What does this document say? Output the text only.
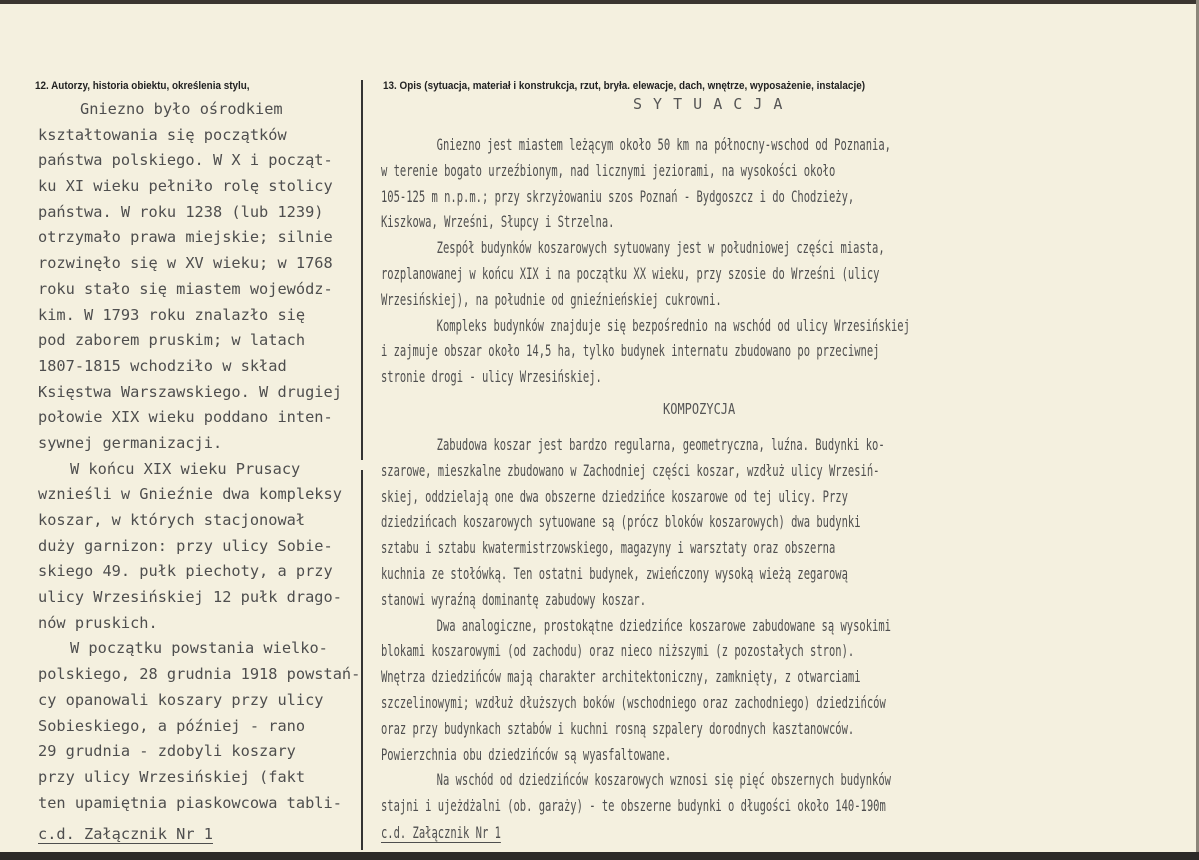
12. Autorzy, historia obiektu, określenia stylu,	13. Opis (sytuacja, materiał i konstrukcja, rzut, bryła. elewacje, dach, wnętrze, wyposażenie, instalacje)
Gniezno było ośrodkiem
kształtowania się początków
państwa polskiego. W X i począt-
ku XI wieku pełniło rolę stolicy
państwa. W roku 1238 (lub 1239)
otrzymało prawa miejskie; silnie
rozwinęło się w XV wieku; w 1768
roku stało się miastem wojewódz-
kim. W 1793 roku znalazło się
pod zaborem pruskim; w latach
1807-1815 wchodziło w skład
Księstwa Warszawskiego. W drugiej
połowie XIX wieku poddano inten-
sywnej germanizacji.
W końcu XIX wieku Prusacy
wznieśli w Gnieźnie dwa kompleksy
koszar, w których stacjonował
duży garnizon: przy ulicy Sobie-
skiego 49. pułk piechoty, a przy
ulicy Wrzesińskiej 12 pułk drago-
nów pruskich.
W początku powstania wielko-
polskiego, 28 grudnia 1918 powstań-
cy opanowali koszary przy ulicy
Sobieskiego, a później - rano
29 grudnia - zdobyli koszary
przy ulicy Wrzesińskiej (fakt
ten upamiętnia piaskowcowa tabli-
c.d. Załącznik Nr 1
S Y T U A C J A
Gniezno jest miastem leżącym około 50 km na północny-wschod od Poznania,
w terenie bogato urzeźbionym, nad licznymi jeziorami, na wysokości około
105-125 m n.p.m.; przy skrzyżowaniu szos Poznań - Bydgoszcz i do Chodzieży,
Kiszkowa, Wrześni, Słupcy i Strzelna.
Zespół budynków koszarowych sytuowany jest w południowej części miasta,
rozplanowanej w końcu XIX i na początku XX wieku, przy szosie do Wrześni (ulicy
Wrzesińskiej), na południe od gnieźnieńskiej cukrowni.
Kompleks budynków znajduje się bezpośrednio na wschód od ulicy Wrzesińskiej
i zajmuje obszar około 14,5 ha, tylko budynek internatu zbudowano po przeciwnej
stronie drogi - ulicy Wrzesińskiej.
KOMPOZYCJA
Zabudowa koszar jest bardzo regularna, geometryczna, luźna. Budynki ko-
szarowe, mieszkalne zbudowano w Zachodniej części koszar, wzdłuż ulicy Wrzesiń-
skiej, oddzielają one dwa obszerne dziedzińce koszarowe od tej ulicy. Przy
dziedzińcach koszarowych sytuowane są (prócz bloków koszarowych) dwa budynki
sztabu i sztabu kwatermistrzowskiego, magazyny i warsztaty oraz obszerna
kuchnia ze stołówką. Ten ostatni budynek, zwieńczony wysoką wieżą zegarową
stanowi wyraźną dominantę zabudowy koszar.
Dwa analogiczne, prostokątne dziedzińce koszarowe zabudowane są wysokimi
blokami koszarowymi (od zachodu) oraz nieco niższymi (z pozostałych stron).
Wnętrza dziedzińców mają charakter architektoniczny, zamknięty, z otwarciami
szczelinowymi; wzdłuż dłuższych boków (wschodniego oraz zachodniego) dziedzińców
oraz przy budynkach sztabów i kuchni rosną szpalery dorodnych kasztanowców.
Powierzchnia obu dziedzińców są wyasfaltowane.
Na wschód od dziedzińców koszarowych wznosi się pięć obszernych budynków
stajni i ujeżdżalni (ob. garaży) - te obszerne budynki o długości około 140-190m
c.d. Załącznik Nr 1
